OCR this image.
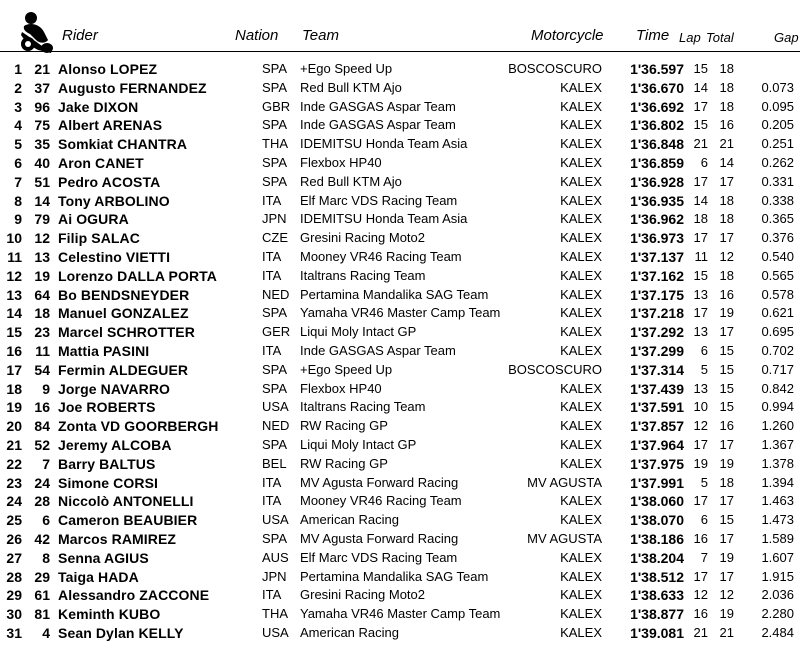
Rider	Nation Team	Motorcycle Time Lap Total	Gap
1 21 Alonso LOPEZ	SPA +Ego Speed Up	BOSCOSCURO	1'36.597 15 18
2 37 Augusto FERNANDEZ	SPA Red Bull KTM Ajo	KALEX	1'36.670 14 18 0.073
3 96 Jake DIXON	GBR Inde GASGAS Aspar Team	KALEX	1'36.692 17 18 0.095
4 75 Albert ARENAS	SPA Inde GASGAS Aspar Team	KALEX	1'36.802 15 16 0.205
5 35 Somkiat CHANTRA	THA IDEMITSU Honda Team Asia	KALEX	1'36.848 21 21 0.251
6 40 Aron CANET	SPA Flexbox HP40	KALEX	1'36.859	6 14 0.262
7 51 Pedro ACOSTA	SPA Red Bull KTM Ajo	KALEX	1'36.928 17 17 0.331
8 14 Tony ARBOLINO	ITA Elf Marc VDS Racing Team	KALEX	1'36.935 14 18 0.338
9 79 Ai OGURA	JPN IDEMITSU Honda Team Asia	KALEX	1'36.962 18 18 0.365
10 12 Filip SALAC	CZE Gresini Racing Moto2	KALEX	1'36.973 17 17 0.376
11 13 Celestino VIETTI	ITA Mooney VR46 Racing Team	KALEX	1'37.137 11 12 0.540
12 19 Lorenzo DALLA PORTA	ITA Italtrans Racing Team	KALEX	1'37.162 15 18 0.565
13 64 Bo BENDSNEYDER	NED Pertamina Mandalika SAG Team	KALEX	1'37.175 13 16 0.578
14 18 Manuel GONZALEZ	SPA Yamaha VR46 Master Camp Team	KALEX	1'37.218 17 19 0.621
15 23 Marcel SCHROTTER	GER Liqui Moly Intact GP	KALEX	1'37.292 13 17 0.695
16 11 Mattia PASINI	ITA Inde GASGAS Aspar Team	KALEX	1'37.299	6 15 0.702
17 54 Fermin ALDEGUER	SPA +Ego Speed Up	BOSCOSCURO	1'37.314	5 15 0.717
18	9 Jorge NAVARRO	SPA Flexbox HP40	KALEX	1'37.439 13 15 0.842
19 16 Joe ROBERTS	USA Italtrans Racing Team	KALEX	1'37.591 10 15 0.994
20 84 Zonta VD GOORBERGH	NED RW Racing GP	KALEX	1'37.857 12 16 1.260
21 52 Jeremy ALCOBA	SPA Liqui Moly Intact GP	KALEX	1'37.964 17 17 1.367
22	7 Barry BALTUS	BEL RW Racing GP	KALEX	1'37.975 19 19 1.378
23 24 Simone CORSI	ITA MV Agusta Forward Racing	MV AGUSTA	1'37.991	5 18 1.394
24 28 Niccolò ANTONELLI	ITA Mooney VR46 Racing Team	KALEX	1'38.060 17 17 1.463
25	6 Cameron BEAUBIER	USA American Racing	KALEX	1'38.070	6 15 1.473
26 42 Marcos RAMIREZ	SPA MV Agusta Forward Racing	MV AGUSTA	1'38.186 16 17 1.589
27	8 Senna AGIUS	AUS Elf Marc VDS Racing Team	KALEX	1'38.204	7 19 1.607
28 29 Taiga HADA	JPN Pertamina Mandalika SAG Team	KALEX	1'38.512 17 17 1.915
29 61 Alessandro ZACCONE	ITA Gresini Racing Moto2	KALEX	1'38.633 12 12 2.036
30 81 Keminth KUBO	THA Yamaha VR46 Master Camp Team	KALEX	1'38.877 16 19 2.280
31	4 Sean Dylan KELLY	USA American Racing	KALEX	1'39.081 21 21 2.484
